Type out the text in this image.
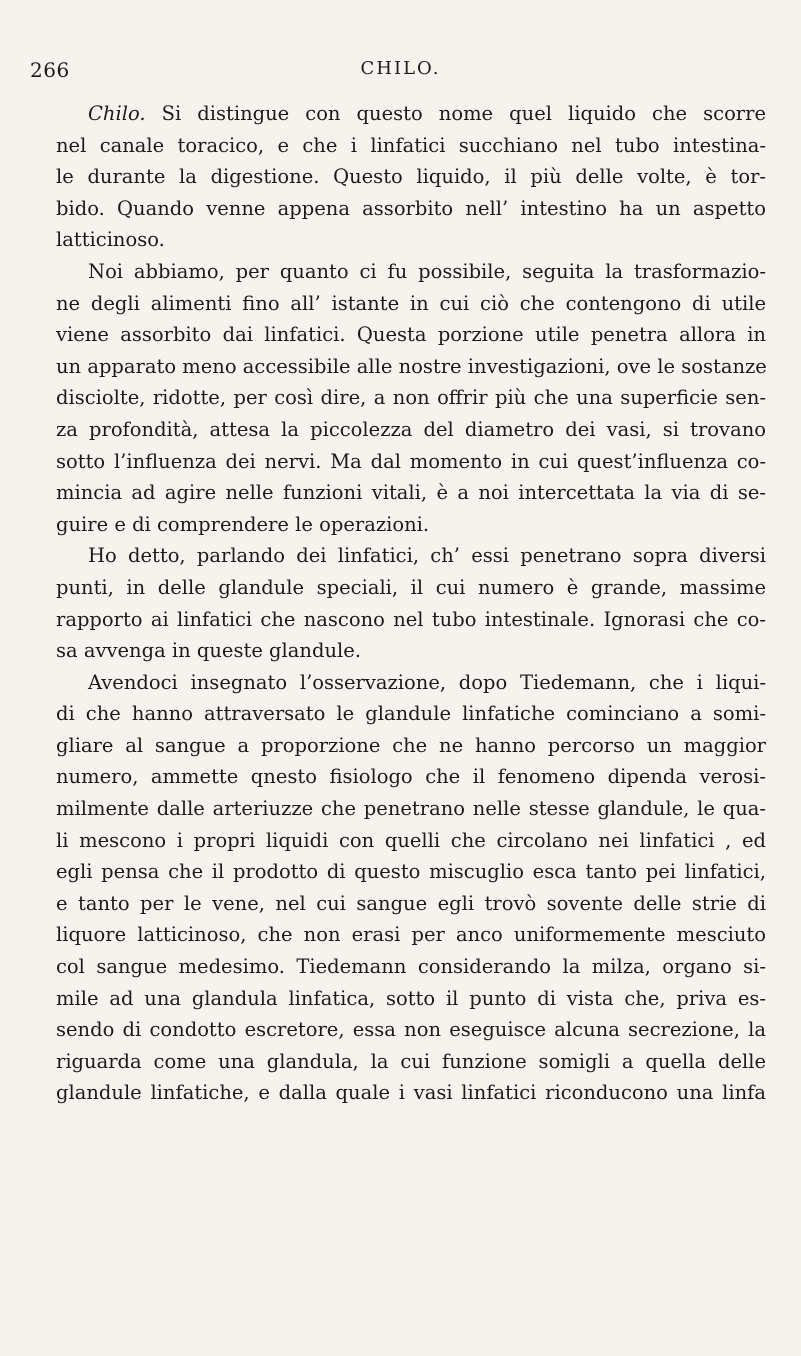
266	CHILO.
Chilo. Si distingue con questo nome quel liquido che scorre
nel canale toracico, e che i linfatici succhiano nel tubo intestina-
le durante la digestione. Questo liquido, il più delle volte, è tor-
bido. Quando venne appena assorbito nell’ intestino ha un aspetto
latticinoso.
Noi abbiamo, per quanto ci fu possibile, seguita la trasformazio-
ne degli alimenti fino all’ istante in cui ciò che contengono di utile
viene assorbito dai linfatici. Questa porzione utile penetra allora in
un apparato meno accessibile alle nostre investigazioni, ove le sostanze
disciolte, ridotte, per così dire, a non offrir più che una superficie sen-
za profondità, attesa la piccolezza del diametro dei vasi, si trovano
sotto l’influenza dei nervi. Ma dal momento in cui quest’influenza co-
mincia ad agire nelle funzioni vitali, è a noi intercettata la via di se-
guire e di comprendere le operazioni.
Ho detto, parlando dei linfatici, ch’ essi penetrano sopra diversi
punti, in delle glandule speciali, il cui numero è grande, massime
rapporto ai linfatici che nascono nel tubo intestinale. Ignorasi che co-
sa avvenga in queste glandule.
Avendoci insegnato l’osservazione, dopo Tiedemann, che i liqui-
di che hanno attraversato le glandule linfatiche cominciano a somi-
gliare al sangue a proporzione che ne hanno percorso un maggior
numero, ammette qnesto fisiologo che il fenomeno dipenda verosi-
milmente dalle arteriuzze che penetrano nelle stesse glandule, le qua-
li mescono i propri liquidi con quelli che circolano nei linfatici , ed
egli pensa che il prodotto di questo miscuglio esca tanto pei linfatici,
e tanto per le vene, nel cui sangue egli trovò sovente delle strie di
liquore latticinoso, che non erasi per anco uniformemente mesciuto
col sangue medesimo. Tiedemann considerando la milza, organo si-
mile ad una glandula linfatica, sotto il punto di vista che, priva es-
sendo di condotto escretore, essa non eseguisce alcuna secrezione, la
riguarda come una glandula, la cui funzione somigli a quella delle
glandule linfatiche, e dalla quale i vasi linfatici riconducono una linfa
